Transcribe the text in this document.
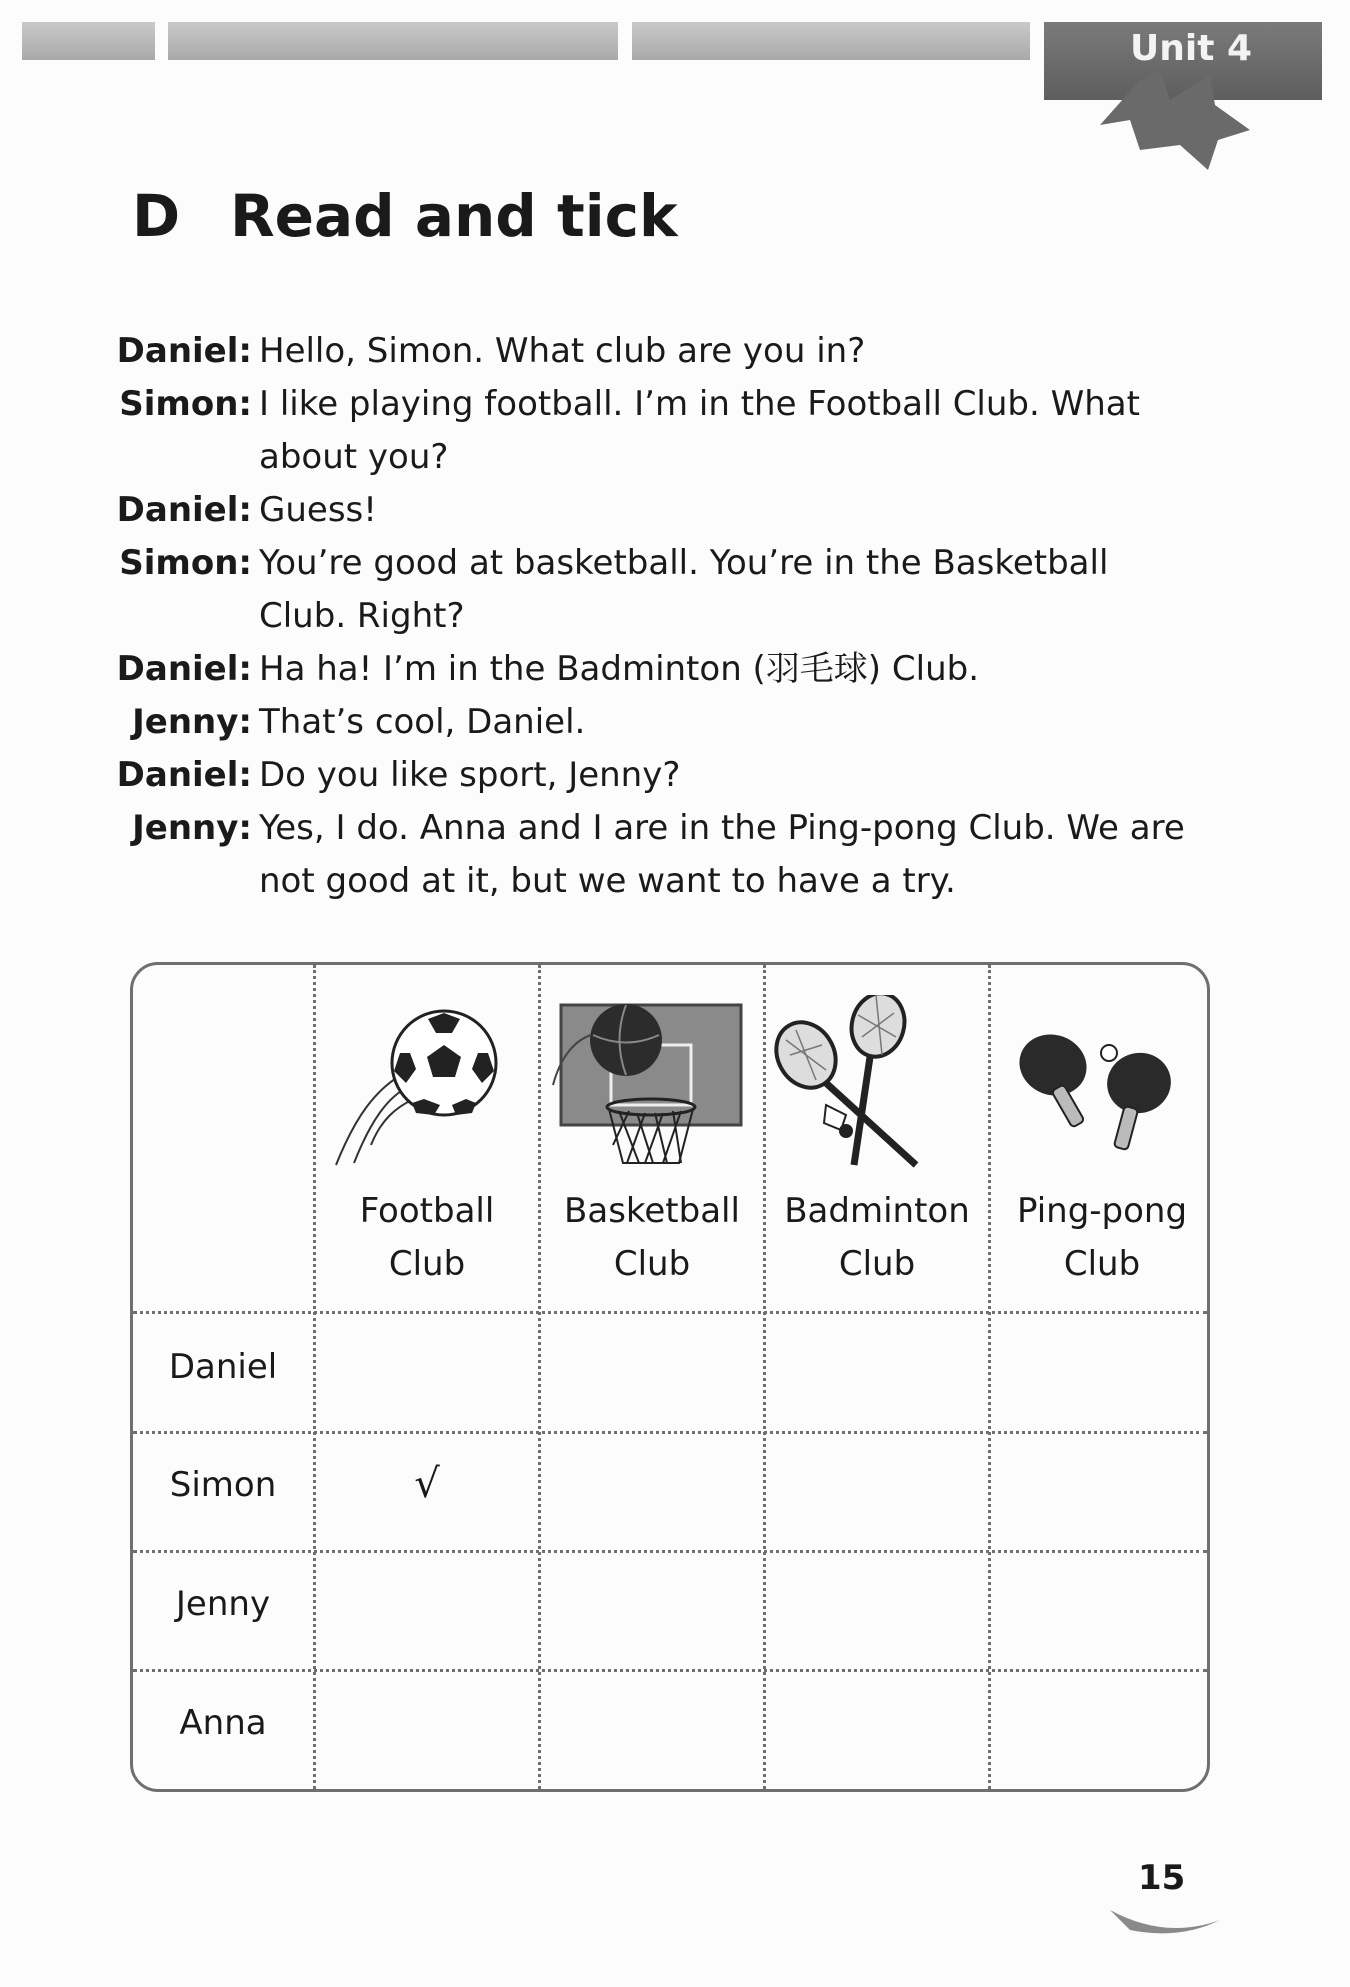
Unit 4
D Read and tick
Daniel: Hello, Simon. What club are you in?
Simon: I like playing football. I’m in the Football Club. What
about you?
Daniel: Guess!
Simon: You’re good at basketball. You’re in the Basketball
Club. Right?
Daniel: Ha ha! I’m in the Badminton (羽毛球) Club.
Jenny: That’s cool, Daniel.
Daniel: Do you like sport, Jenny?
Jenny: Yes, I do. Anna and I are in the Ping-pong Club. We are
not good at it, but we want to have a try.
Football
Club
Basketball
Club
Badminton
Club
Ping-pong
Club
Daniel
Simon
Jenny
Anna
√
15
